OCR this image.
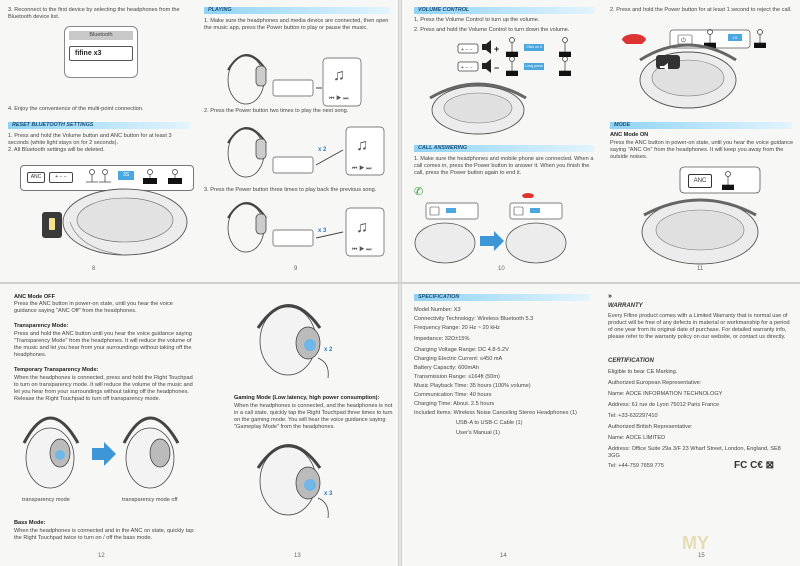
3. Reconnect to the first device by selecting the headphones from the Bluetooth device list.

Bluetooth
fifine x3

4. Enjoy the convenience of the multi-point connection.

RESET BLUETOOTH SETTINGS

1. Press and hold the Volume button and ANC button for at least 3 seconds (white light stays on for 2 seconds).

2. All Bluetooth settings will be deleted.

ANC	+ − −	3S
8
PLAYING

1. Make sure the headphones and media device are connected, then open the music app, press the Power button to play or pause the music.

♫
♫
♫
⏮ ▶ ⏭
⏮ ▶ ⏭
⏮ ▶ ⏭

2. Press the Power button two times to play the next song.

x 2

3. Press the Power button three times to play back the previous song.

x 3
9
VOLUME CONTROL

1. Press the Volume Control to turn up the volume.

2. Press and hold the Volume Control to turn down the volume.

+ − −
+ − −
+
−
Click on it
Long press
CALL ANSWERING

1. Make sure the headphones and mobile phone are connected. When a call comes in, press the Power button to answer it. When you finish the call, press the Power button again to end it.

✆
10

2. Press and hold the Power button for at least 1 second to reject the call.

⏻
1S
MODE

ANC Mode ON

Press the ANC button in power-on state, until you hear the voice guidance saying "ANC On" from the headphones. It will keep you away from the outside noises.

ANC
11

ANC Mode OFF

Press the ANC button in power-on state, until you hear the voice guidance saying "ANC Off" from the headphones.

Transparency Mode:

Press and hold the ANC button until you hear the voice guidance saying "Transparency Mode" from the headphones. It will reduce the volume of the music and let you hear from your surroundings without taking off the headphones.

Temporary Transparency Mode:

When the headphones is connected, press and hold the Right Touchpad to turn on transparency mode. It will reduce the volume of the music and let you hear from your surroundings without taking off the headphones. Release the Right Touchpad to turn off transparency mode.

transparency mode	transparency mode off

Bass Mode:

When the headphones is connected and in the ANC on state, quickly tap the Right Touchpad twice to turn on / off the bass mode.

12
x 2

Gaming Mode (Low latency, high power consumption):

When the headphones is connected, and the headphones is not in a call state, quickly tap the Right Touchpad three times to turn on the gaming mode. You will hear the voice guidance saying "Gameplay Mode" from the headphones.

x 3
13
SPECIFICATION

Model Number: X3

Connectivity Technology: Wireless Bluetooth 5.3

Frequency Range: 20 Hz ~ 20 kHz

Impedance: 32Ω±15%

Charging Voltage Range: DC 4.8-5.2V

Charging Electric Current: ≤450 mA

Battery Capacity: 600mAh

Transmission Range: ≤164ft (50m)

Music Playback Time: 35 hours (100% volume)

Communication Time: 40 hours

Charging Time: About. 2.5 hours

Included Items: Wireless Noise Canceling Stereo Headphones (1)

USB-A to USB-C Cable (1)

User's Manual (1)

14

»

WARRANTY

Every Fifine product comes with a Limited Warranty that is normal use of product will be free of any defects in material or workmanship for a period of one year from its original date of purchase. For detailed warranty info, please refer to the warranty policy on our website, or contact us directly.

CERTIFICATION

Eligible to bear CE Marking.

Authorized European Representative:

Name: AOCE INFORMATION TECHNOLOGY

Address: 61 rue de Lyon 75012 Paris France

Tel: +33-632297410

Authorized British Representative:

Name: AOCE LIMITED

Address: Office Suite 29a 3/F 23 Wharf Street, London, England, SE8 3GG

Tel: +44-759 7659 775	FC C€ ⊠
MY
15
